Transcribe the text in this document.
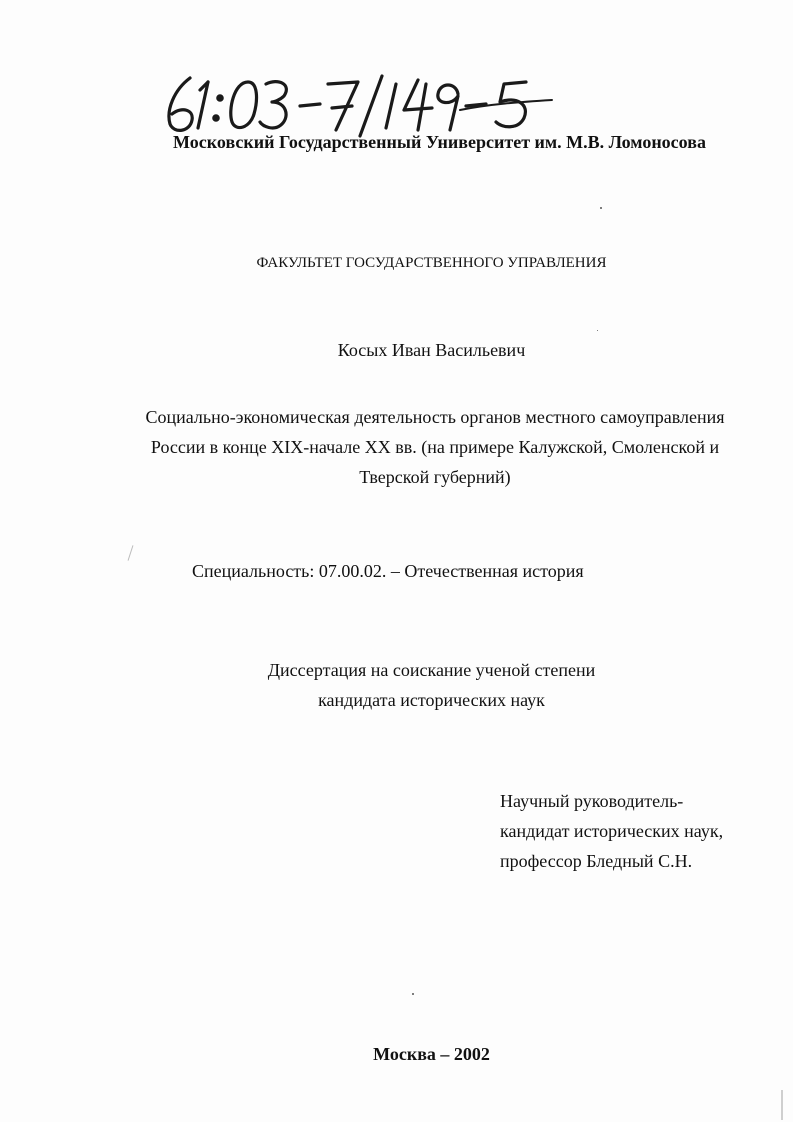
Московский Государственный Университет им. М.В. Ломоносова
ФАКУЛЬТЕТ ГОСУДАРСТВЕННОГО УПРАВЛЕНИЯ
Косых Иван Васильевич
Социально-экономическая деятельность органов местного самоуправления
России в конце XIX-начале XX вв. (на примере Калужской, Смоленской и
Тверской губерний)
Специальность: 07.00.02. – Отечественная история
Диссертация на соискание ученой степени
кандидата исторических наук
Научный руководитель-
кандидат исторических наук,
профессор Бледный С.Н.
Москва – 2002
